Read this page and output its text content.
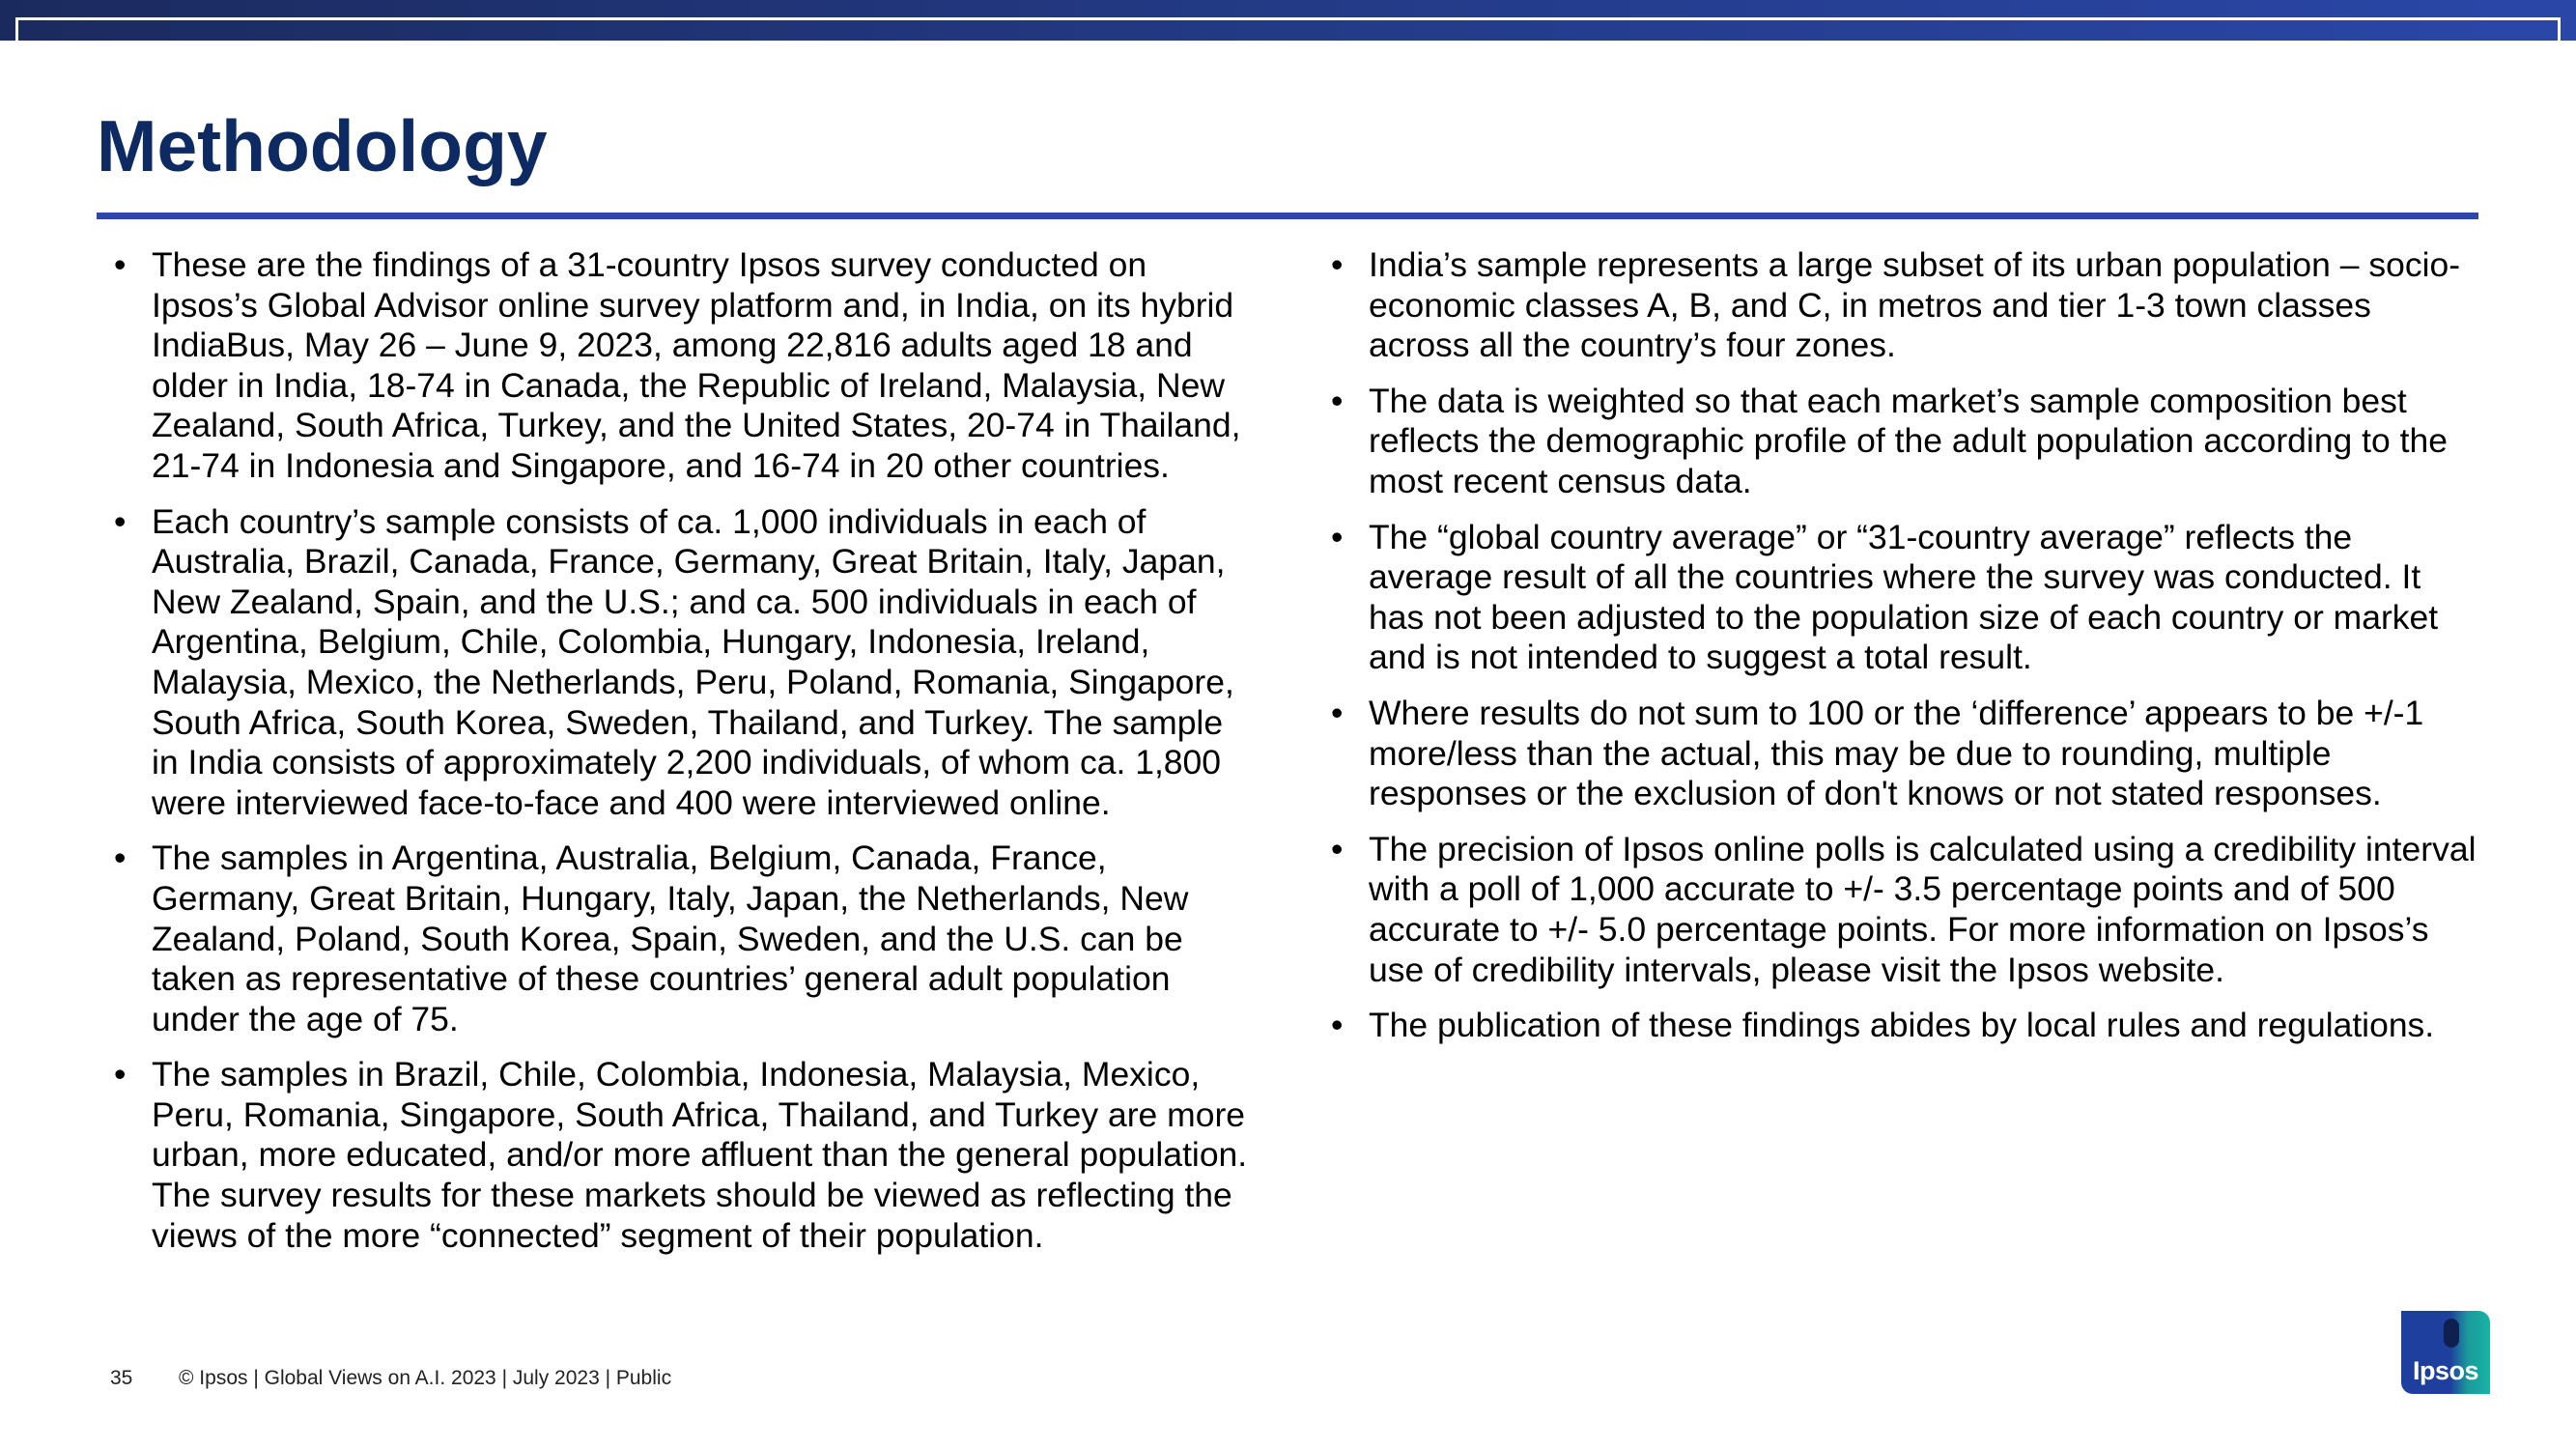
Methodology
• These are the findings of a 31-country Ipsos survey conducted on Ipsos’s Global Advisor online survey platform and, in India, on its hybrid IndiaBus, May 26 – June 9, 2023, among 22,816 adults aged 18 and older in India, 18-74 in Canada, the Republic of Ireland, Malaysia, New Zealand, South Africa, Turkey, and the United States, 20-74 in Thailand, 21-74 in Indonesia and Singapore, and 16-74 in 20 other countries.
• Each country’s sample consists of ca. 1,000 individuals in each of Australia, Brazil, Canada, France, Germany, Great Britain, Italy, Japan, New Zealand, Spain, and the U.S.; and ca. 500 individuals in each of Argentina, Belgium, Chile, Colombia, Hungary, Indonesia, Ireland, Malaysia, Mexico, the Netherlands, Peru, Poland, Romania, Singapore, South Africa, South Korea, Sweden, Thailand, and Turkey. The sample in India consists of approximately 2,200 individuals, of whom ca. 1,800 were interviewed face-to-face and 400 were interviewed online.
• The samples in Argentina, Australia, Belgium, Canada, France, Germany, Great Britain, Hungary, Italy, Japan, the Netherlands, New Zealand, Poland, South Korea, Spain, Sweden, and the U.S. can be taken as representative of these countries’ general adult population under the age of 75.
• The samples in Brazil, Chile, Colombia, Indonesia, Malaysia, Mexico, Peru, Romania, Singapore, South Africa, Thailand, and Turkey are more urban, more educated, and/or more affluent than the general population. The survey results for these markets should be viewed as reflecting the views of the more “connected” segment of their population.
• India’s sample represents a large subset of its urban population – socio-economic classes A, B, and C, in metros and tier 1-3 town classes across all the country’s four zones.
• The data is weighted so that each market’s sample composition best reflects the demographic profile of the adult population according to the most recent census data.
• The “global country average” or “31-country average” reflects the average result of all the countries where the survey was conducted. It has not been adjusted to the population size of each country or market and is not intended to suggest a total result.
• Where results do not sum to 100 or the ‘difference’ appears to be +/-1 more/less than the actual, this may be due to rounding, multiple responses or the exclusion of don't knows or not stated responses.
• The precision of Ipsos online polls is calculated using a credibility interval with a poll of 1,000 accurate to +/- 3.5 percentage points and of 500 accurate to +/- 5.0 percentage points. For more information on Ipsos’s use of credibility intervals, please visit the Ipsos website.
• The publication of these findings abides by local rules and regulations.
35	© Ipsos | Global Views on A.I. 2023 | July 2023 | Public	Ipsos
